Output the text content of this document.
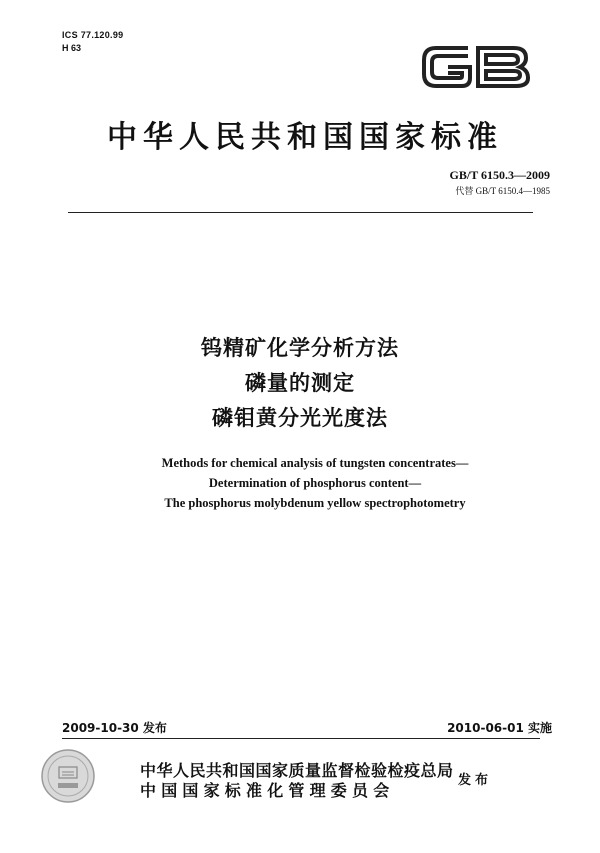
ICS 77.120.99
H 63
中华人民共和国国家标准
GB/T 6150.3—2009
代替 GB/T 6150.4—1985
钨精矿化学分析方法
磷量的测定
磷钼黄分光光度法
Methods for chemical analysis of tungsten concentrates—
Determination of phosphorus content—
The phosphorus molybdenum yellow spectrophotometry
2009-10-30 发布	2010-06-01 实施
中华人民共和国国家质量监督检验检疫总局
中国国家标准化管理委员会
发布
